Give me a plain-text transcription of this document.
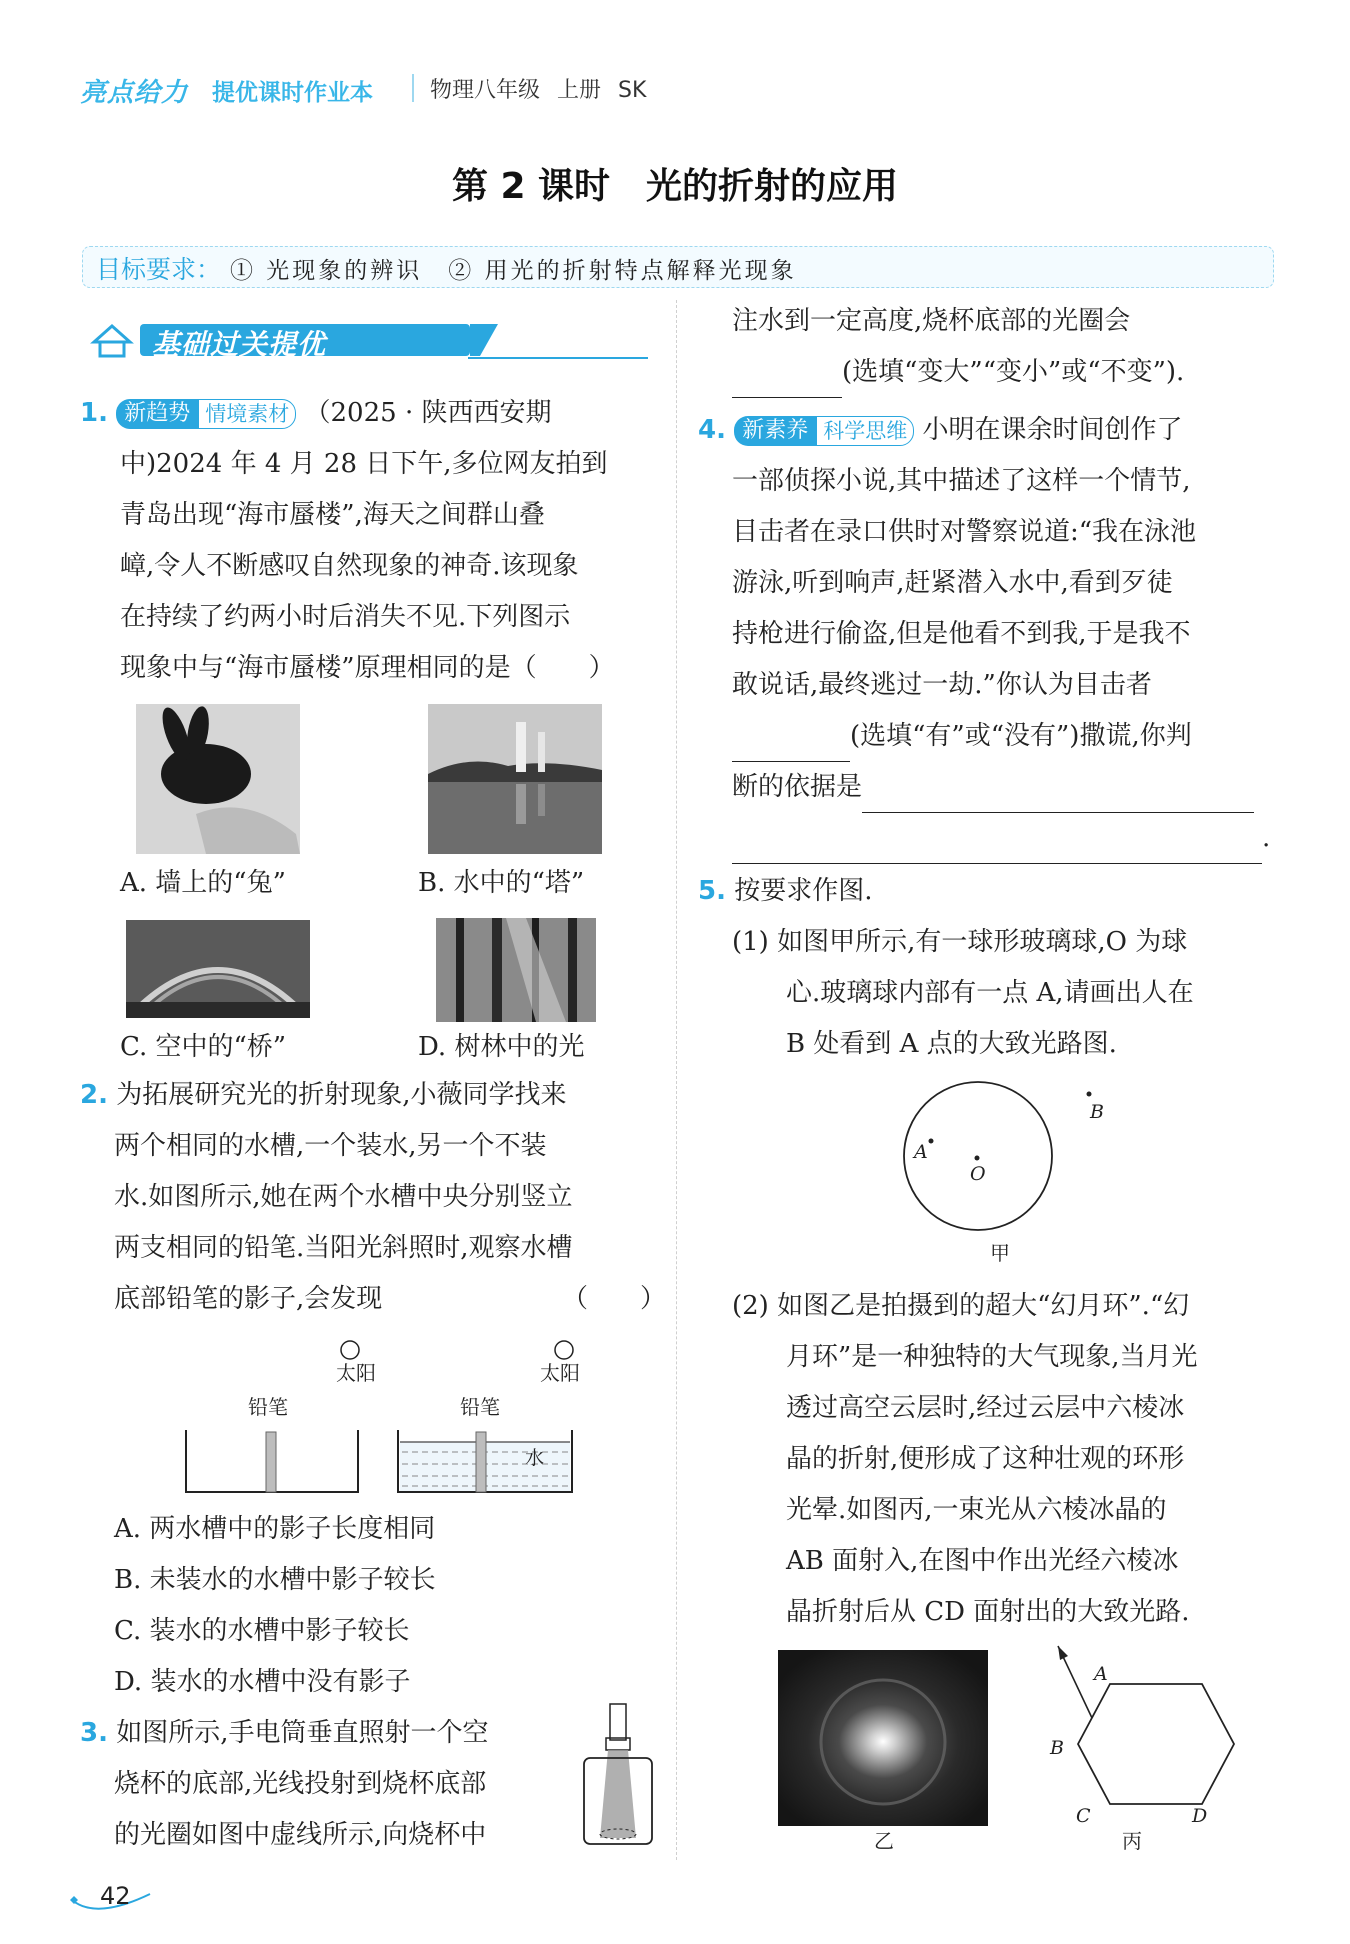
亮点给力 提优课时作业本	物理八年级 上册 SK
第 2 课时　光的折射的应用
目标要求： ① 光现象的辨识　② 用光的折射特点解释光现象
基础过关提优
1. 新趋势 情境素材 （2025 · 陕西西安期
中)2024 年 4 月 28 日下午,多位网友拍到
青岛出现“海市蜃楼”,海天之间群山叠
嶂,令人不断感叹自然现象的神奇.该现象
在持续了约两小时后消失不见.下列图示
现象中与“海市蜃楼”原理相同的是（　　）
A. 墙上的“兔”	B. 水中的“塔”
C. 空中的“桥”	D. 树林中的光
2. 为拓展研究光的折射现象,小薇同学找来
两个相同的水槽,一个装水,另一个不装
水.如图所示,她在两个水槽中央分别竖立
两支相同的铅笔.当阳光斜照时,观察水槽
底部铅笔的影子,会发现	（　　）
太阳	太阳
铅笔	铅笔
水
A. 两水槽中的影子长度相同
B. 未装水的水槽中影子较长
C. 装水的水槽中影子较长
D. 装水的水槽中没有影子
3. 如图所示,手电筒垂直照射一个空
烧杯的底部,光线投射到烧杯底部
的光圈如图中虚线所示,向烧杯中
注水到一定高度,烧杯底部的光圈会
(选填“变大”“变小”或“不变”).
4. 新素养 科学思维 小明在课余时间创作了
一部侦探小说,其中描述了这样一个情节,
目击者在录口供时对警察说道:“我在泳池
游泳,听到响声,赶紧潜入水中,看到歹徒
持枪进行偷盗,但是他看不到我,于是我不
敢说话,最终逃过一劫.”你认为目击者
(选填“有”或“没有”)撒谎,你判
断的依据是
.
5. 按要求作图.
(1) 如图甲所示,有一球形玻璃球,O 为球
心.玻璃球内部有一点 A,请画出人在
B 处看到 A 点的大致光路图.
A
O
B
甲
(2) 如图乙是拍摄到的超大“幻月环”.“幻
月环”是一种独特的大气现象,当月光
透过高空云层时,经过云层中六棱冰
晶的折射,便形成了这种壮观的环形
光晕.如图丙,一束光从六棱冰晶的
AB 面射入,在图中作出光经六棱冰
晶折射后从 CD 面射出的大致光路.
乙
A
B
C	D
丙
42
